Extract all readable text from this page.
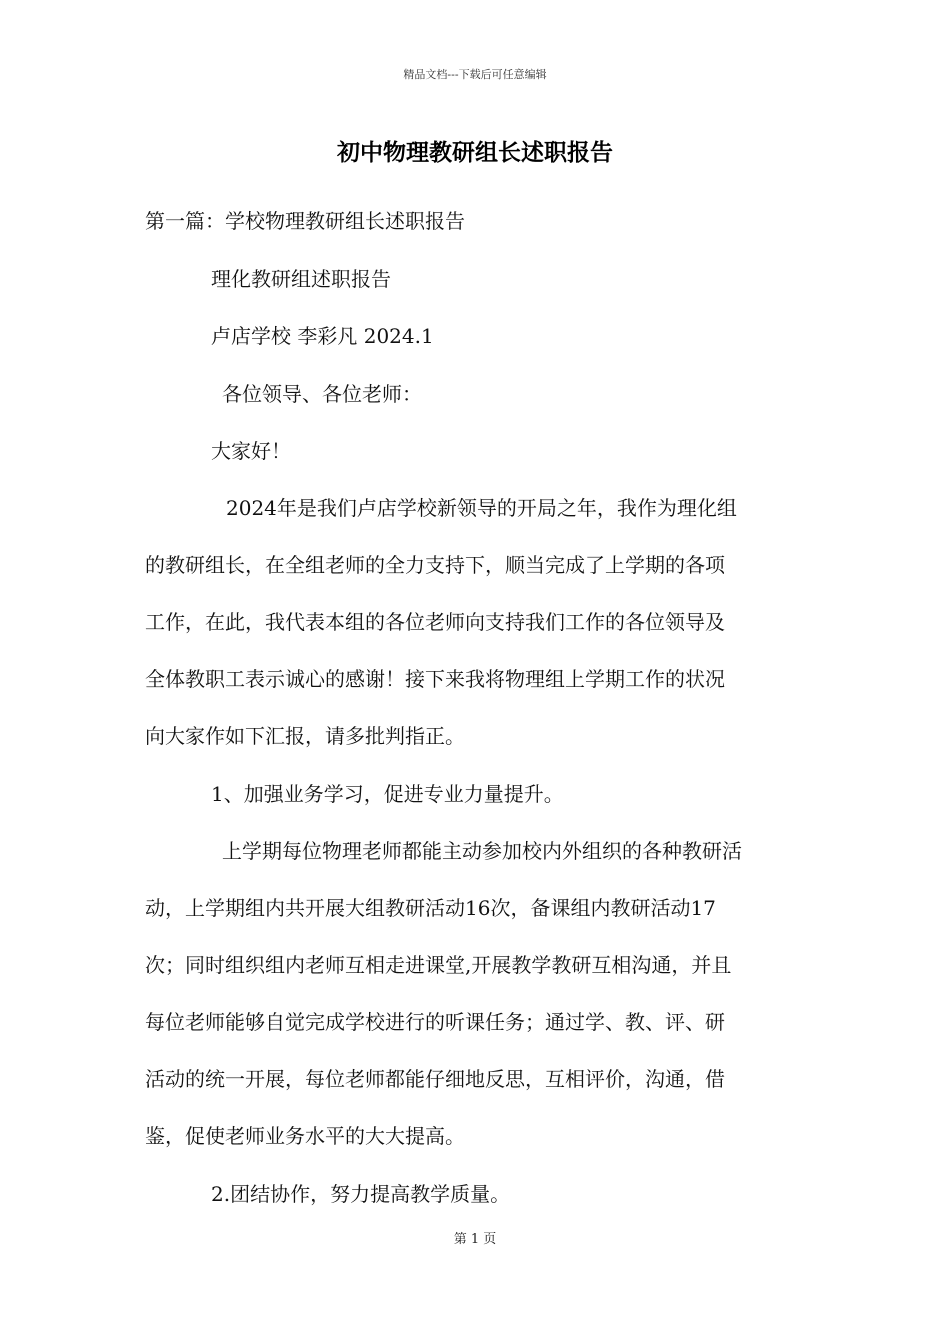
精品文档---下载后可任意编辑
初中物理教研组长述职报告
第一篇：学校物理教研组长述职报告
理化教研组述职报告
卢店学校 李彩凡 2024.1
各位领导、各位老师：
大家好！
2024年是我们卢店学校新领导的开局之年，我作为理化组
的教研组长，在全组老师的全力支持下，顺当完成了上学期的各项
工作，在此，我代表本组的各位老师向支持我们工作的各位领导及
全体教职工表示诚心的感谢！接下来我将物理组上学期工作的状况
向大家作如下汇报，请多批判指正。
1、加强业务学习，促进专业力量提升。
上学期每位物理老师都能主动参加校内外组织的各种教研活
动，上学期组内共开展大组教研活动16次，备课组内教研活动17
次；同时组织组内老师互相走进课堂,开展教学教研互相沟通，并且
每位老师能够自觉完成学校进行的听课任务；通过学、教、评、研
活动的统一开展，每位老师都能仔细地反思，互相评价，沟通，借
鉴，促使老师业务水平的大大提高。
2.团结协作，努力提高教学质量。
第 1 页
